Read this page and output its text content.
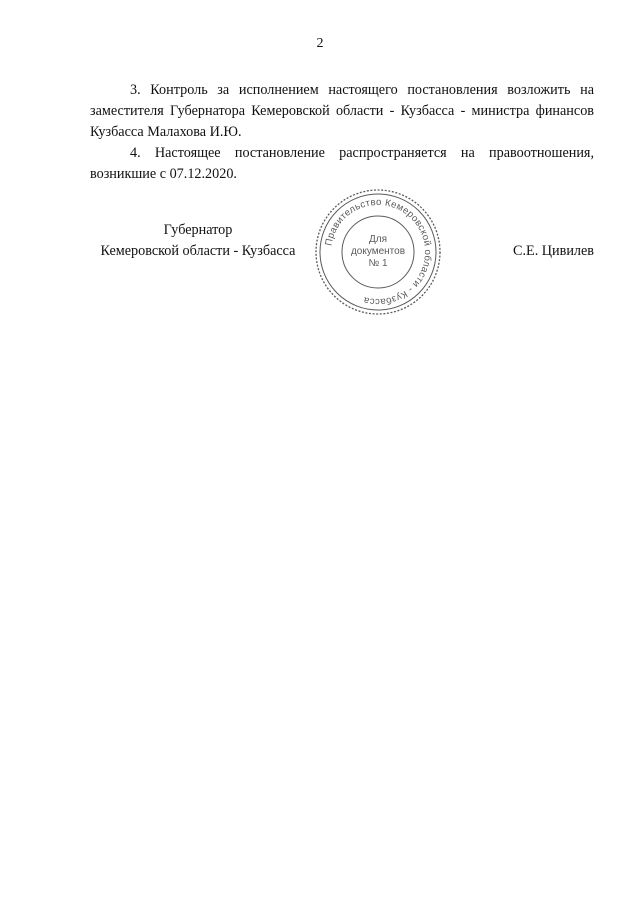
2

3. Контроль за исполнением настоящего постановления возложить на заместителя Губернатора Кемеровской области - Кузбасса - министра финансов Кузбасса Малахова И.Ю.

4. Настоящее постановление распространяется на правоотношения, возникшие с 07.12.2020.

Губернатор
Кемеровской области - Кузбасса	С.Е. Цивилев
Правительство Кемеровской области - Кузбасса
Для
документов
№ 1
